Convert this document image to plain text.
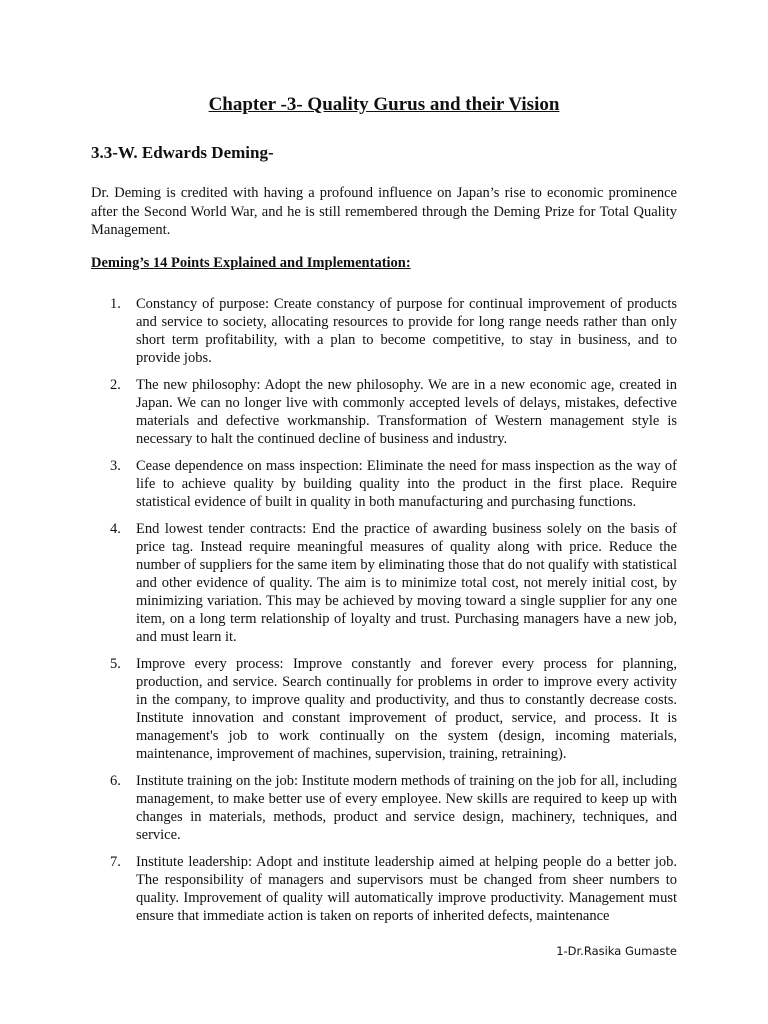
Chapter -3- Quality Gurus and their Vision
3.3-W. Edwards Deming-

Dr. Deming is credited with having a profound influence on Japan’s rise to economic prominence after the Second World War, and he is still remembered through the Deming Prize for Total Quality Management.

Deming’s 14 Points Explained and Implementation:

1. Constancy of purpose: Create constancy of purpose for continual improvement of products and service to society, allocating resources to provide for long range needs rather than only short term profitability, with a plan to become competitive, to stay in business, and to provide jobs.
2. The new philosophy: Adopt the new philosophy. We are in a new economic age, created in Japan. We can no longer live with commonly accepted levels of delays, mistakes, defective materials and defective workmanship. Transformation of Western management style is necessary to halt the continued decline of business and industry.
3. Cease dependence on mass inspection: Eliminate the need for mass inspection as the way of life to achieve quality by building quality into the product in the first place. Require statistical evidence of built in quality in both manufacturing and purchasing functions.
4. End lowest tender contracts: End the practice of awarding business solely on the basis of price tag. Instead require meaningful measures of quality along with price. Reduce the number of suppliers for the same item by eliminating those that do not qualify with statistical and other evidence of quality. The aim is to minimize total cost, not merely initial cost, by minimizing variation. This may be achieved by moving toward a single supplier for any one item, on a long term relationship of loyalty and trust. Purchasing managers have a new job, and must learn it.
5. Improve every process: Improve constantly and forever every process for planning, production, and service. Search continually for problems in order to improve every activity in the company, to improve quality and productivity, and thus to constantly decrease costs. Institute innovation and constant improvement of product, service, and process. It is management's job to work continually on the system (design, incoming materials, maintenance, improvement of machines, supervision, training, retraining).
6. Institute training on the job: Institute modern methods of training on the job for all, including management, to make better use of every employee. New skills are required to keep up with changes in materials, methods, product and service design, machinery, techniques, and service.
7. Institute leadership: Adopt and institute leadership aimed at helping people do a better job. The responsibility of managers and supervisors must be changed from sheer numbers to quality. Improvement of quality will automatically improve productivity. Management must ensure that immediate action is taken on reports of inherited defects, maintenance

1-Dr.Rasika Gumaste
